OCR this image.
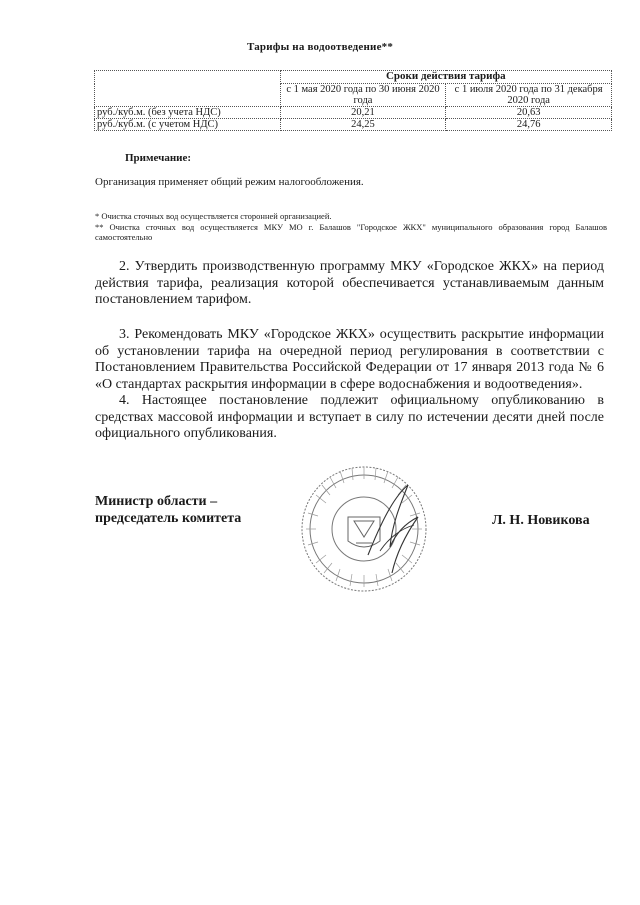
Тарифы на водоотведение**
	Сроки действия тарифа	
	с 1 мая 2020 года по 30 июня 2020 года	с 1 июля 2020 года по 31 декабря 2020 года
руб./куб.м. (без учета НДС)	20,21	20,63
руб./куб.м. (с учетом НДС)	24,25	24,76
Примечание:
Организация применяет общий режим налогообложения.
* Очистка сточных вод осуществляется сторонней организацией.
** Очистка сточных вод осуществляется МКУ МО г. Балашов "Городское ЖКХ" муниципального образования город Балашов самостоятельно
2. Утвердить производственную программу МКУ «Городское ЖКХ» на период действия тарифа, реализация которой обеспечивается устанавливаемым данным постановлением тарифом.
3. Рекомендовать МКУ «Городское ЖКХ» осуществить раскрытие информации об установлении тарифа на очередной период регулирования в соответствии с Постановлением Правительства Российской Федерации от 17 января 2013 года № 6 «О стандартах раскрытия информации в сфере водоснабжения и водоотведения».
4. Настоящее постановление подлежит официальному опубликованию в средствах массовой информации и вступает в силу по истечении десяти дней после официального опубликования.
Министр области –
председатель комитета	Л. Н. Новикова
